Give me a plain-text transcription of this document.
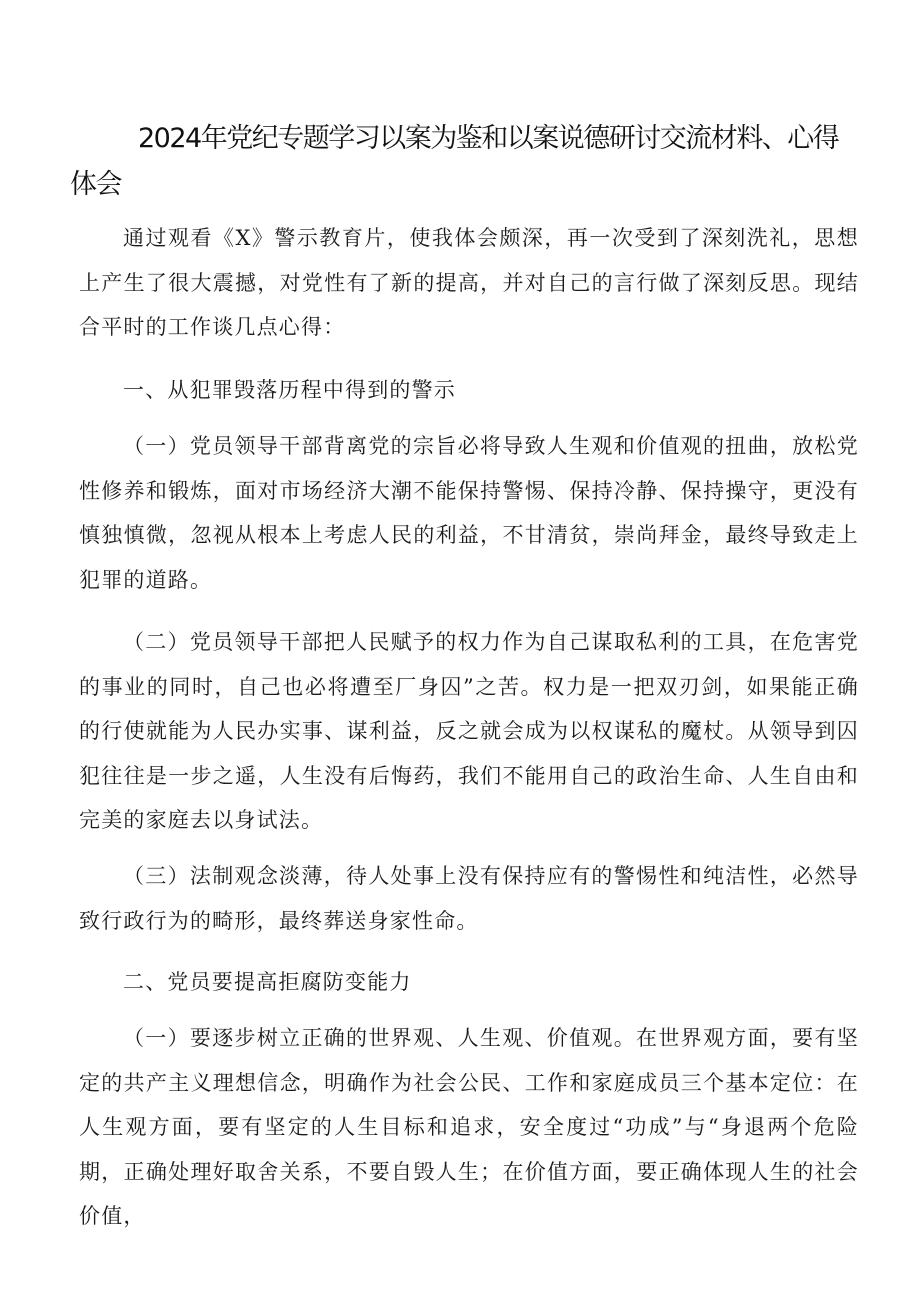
2024年党纪专题学习以案为鉴和以案说德研讨交流材料、心得体会
通过观看《X》警示教育片，使我体会颇深，再一次受到了深刻洗礼，思想上产生了很大震撼，对党性有了新的提高，并对自己的言行做了深刻反思。现结合平时的工作谈几点心得：
一、从犯罪毁落历程中得到的警示
（一）党员领导干部背离党的宗旨必将导致人生观和价值观的扭曲，放松党性修养和锻炼，面对市场经济大潮不能保持警惕、保持冷静、保持操守，更没有慎独慎微，忽视从根本上考虑人民的利益，不甘清贫，崇尚拜金，最终导致走上犯罪的道路。
（二）党员领导干部把人民赋予的权力作为自己谋取私利的工具，在危害党的事业的同时，自己也必将遭至厂身囚”之苦。权力是一把双刃剑，如果能正确的行使就能为人民办实事、谋利益，反之就会成为以权谋私的魔杖。从领导到囚犯往往是一步之遥，人生没有后悔药，我们不能用自己的政治生命、人生自由和完美的家庭去以身试法。
（三）法制观念淡薄，待人处事上没有保持应有的警惕性和纯洁性，必然导致行政行为的畸形，最终葬送身家性命。
二、党员要提高拒腐防变能力
（一）要逐步树立正确的世界观、人生观、价值观。在世界观方面，要有坚定的共产主义理想信念，明确作为社会公民、工作和家庭成员三个基本定位：在人生观方面，要有坚定的人生目标和追求，安全度过“功成”与“身退两个危险期，正确处理好取舍关系，不要自毁人生；在价值方面，要正确体现人生的社会价值，
